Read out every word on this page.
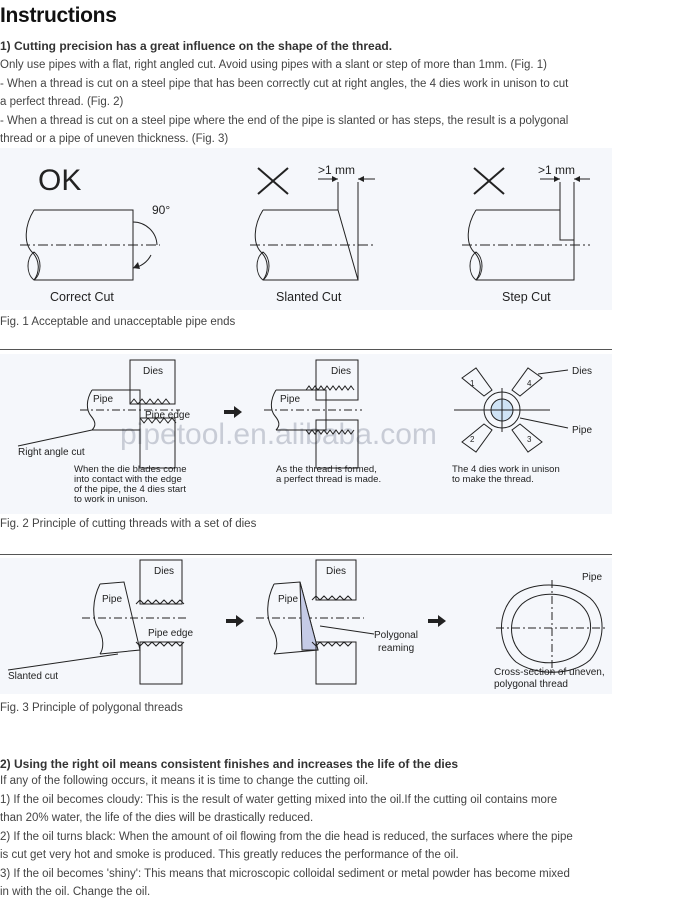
Instructions
1) Cutting precision has a great influence on the shape of the thread.
Only use pipes with a flat, right angled cut. Avoid using pipes with a slant or step of more than 1mm. (Fig. 1)
- When a thread is cut on a steel pipe that has been correctly cut at right angles, the 4 dies work in unison to cut
a perfect thread. (Fig. 2)
- When a thread is cut on a steel pipe where the end of the pipe is slanted or has steps, the result is a polygonal
thread or a pipe of uneven thickness. (Fig. 3)
OK
90°
>1 mm	>1 mm
Correct Cut	Slanted Cut	Step Cut
Fig. 1 Acceptable and unacceptable pipe ends
pipetool.en.alibaba.com
Dies
Pipe
Pipe edge
Right angle cut
When the die blades come into contact with the edge of the pipe, the 4 dies start to work in unison.
Dies
Pipe
As the thread is formed, a perfect thread is made.
Dies
Pipe
1	4
2	3
The 4 dies work in unison to make the thread.
Fig. 2 Principle of cutting threads with a set of dies
Dies
Pipe
Pipe edge
Slanted cut
Dies
Pipe
Polygonal reaming
Pipe
Cross-section of uneven, polygonal thread
Fig. 3 Principle of polygonal threads
2) Using the right oil means consistent finishes and increases the life of the dies
If any of the following occurs, it means it is time to change the cutting oil.
1) If the oil becomes cloudy: This is the result of water getting mixed into the oil.If the cutting oil contains more
than 20% water, the life of the dies will be drastically reduced.
2) If the oil turns black: When the amount of oil flowing from the die head is reduced, the surfaces where the pipe
is cut get very hot and smoke is produced. This greatly reduces the performance of the oil.
3) If the oil becomes 'shiny': This means that microscopic colloidal sediment or metal powder has become mixed
in with the oil. Change the oil.
